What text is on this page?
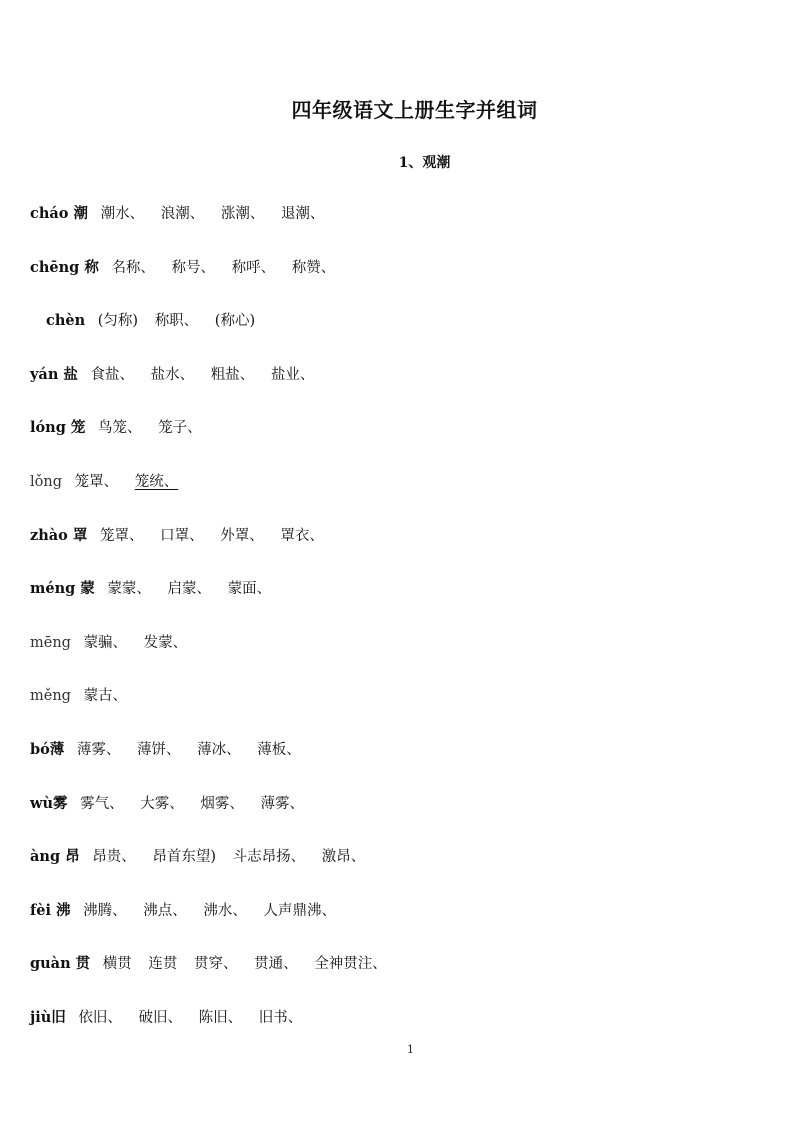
四年级语文上册生字并组词
1、观潮
cháo 潮 潮水、 浪潮、 涨潮、 退潮、
chēng 称 名称、 称号、 称呼、 称赞、
chèn (匀称) 称职、 (称心)
yán 盐 食盐、 盐水、 粗盐、 盐业、
lóng 笼 鸟笼、 笼子、
lǒng 笼罩、 笼统、
zhào 罩 笼罩、 口罩、 外罩、 罩衣、
méng 蒙 蒙蒙、 启蒙、 蒙面、
mēng 蒙骗、 发蒙、
měng 蒙古、
bó薄 薄雾、 薄饼、 薄冰、 薄板、
wù雾 雾气、 大雾、 烟雾、 薄雾、
àng 昂 昂贵、 昂首东望) 斗志昂扬、 激昂、
fèi 沸 沸腾、 沸点、 沸水、 人声鼎沸、
guàn 贯 横贯 连贯 贯穿、 贯通、 全神贯注、
jiù旧 依旧、 破旧、 陈旧、 旧书、
1
